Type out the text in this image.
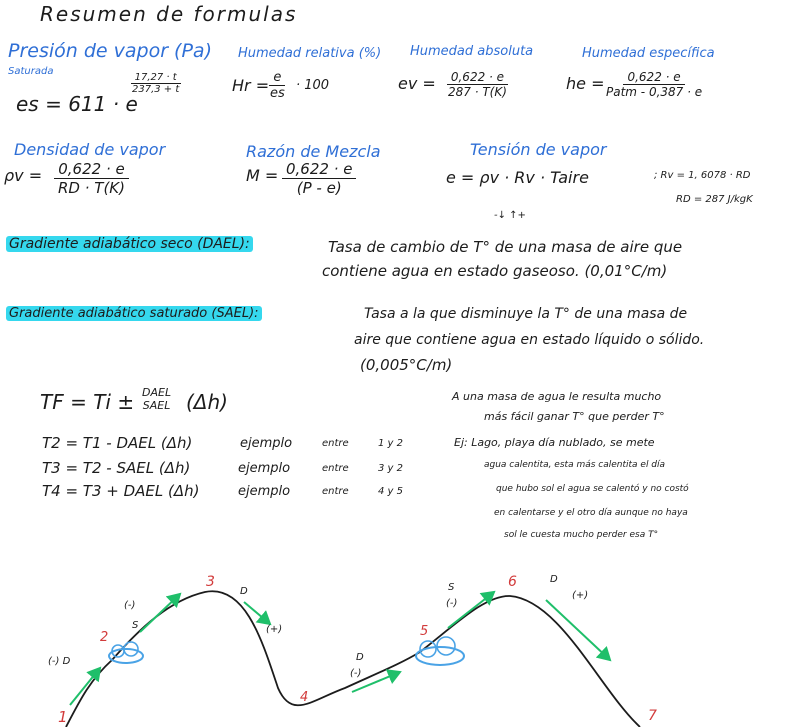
Resumen de formulas
Presión de vapor (Pa)
Saturada
Humedad relativa (%) Humedad absoluta	Humedad específica
es = 611 · e
$\frac{17,27 \cdot t}{237,3 + t}$	Hr =
$\frac{e}{es} \cdot 100$	ev = $\frac{0,622 \cdot e}{287 \cdot T(K)}$	he =	0,622 · e
Patm - 0,387 · e
Densidad de vapor	Razón de Mezcla	Tensión de vapor
$\rho v = \frac{0,622 \cdot e}{RD \cdot T(K)}$	$M = \frac{0,622 \cdot e}{(P - e)}$	e = ρv · Rv · Taire	; Rv = 1, 6078 · RD
RD = 287 J/kgK
-↓ ↑+
Gradiente adiabático seco (DAEL):	Tasa de cambio de T° de una masa de aire que
contiene agua en estado gaseoso. (0,01°C/m)
Gradiente adiabático saturado (SAEL):	Tasa a la que disminuye la T° de una masa de
aire que contiene agua en estado líquido o sólido.
(0,005°C/m)
TF = Ti ± DAEL
SAEL (Δh)
T2 = T1 - DAEL (Δh)	ejemplo	entre	1 y 2
T3 = T2 - SAEL (Δh)	ejemplo	entre	3 y 2
T4 = T3 + DAEL (Δh)	ejemplo	entre	4 y 5
A una masa de agua le resulta mucho
más fácil ganar T° que perder T°
Ej: Lago, playa día nublado, se mete
agua calentita, esta más calentita el día
que hubo sol el agua se calentó y no costó
en calentarse y el otro día aunque no haya
sol le cuesta mucho perder esa T°
1
2
3
4
5
6
7
(-) D
(-)
S
D
(+)
D
(-)
S
(-)
D
(+)
